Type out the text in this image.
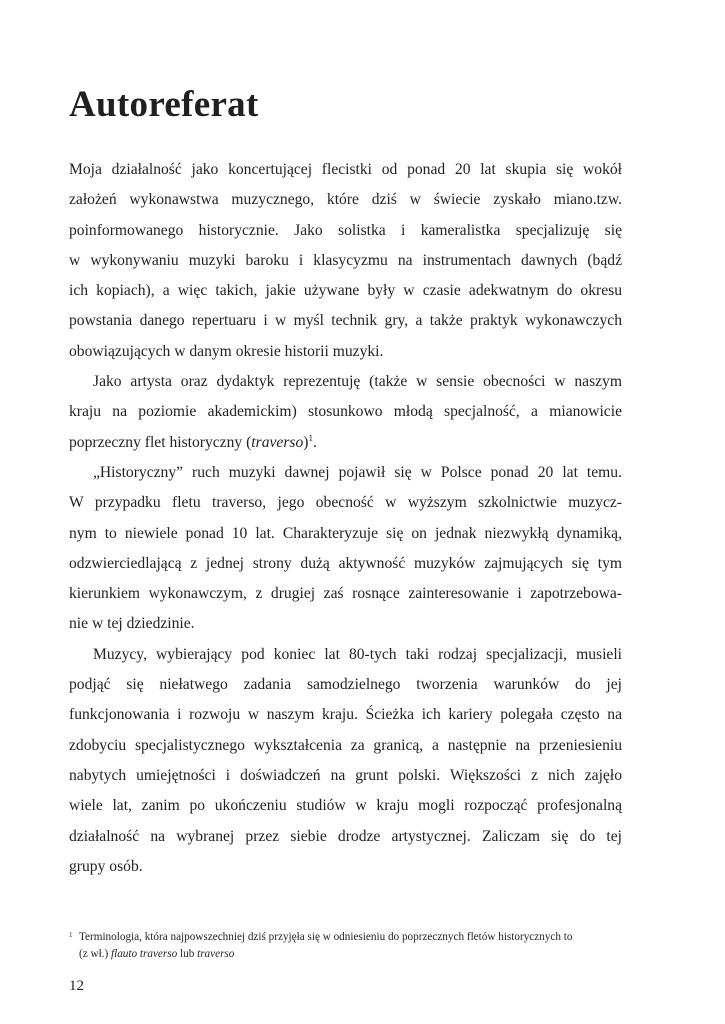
Autoreferat
Moja działalność jako koncertującej flecistki od ponad 20 lat skupia się wokół
założeń wykonawstwa muzycznego, które dziś w świecie zyskało miano.tzw.
poinformowanego historycznie. Jako solistka i kameralistka specjalizuję się
w wykonywaniu muzyki baroku i klasycyzmu na instrumentach dawnych (bądź
ich kopiach), a więc takich, jakie używane były w czasie adekwatnym do okresu
powstania danego repertuaru i w myśl technik gry, a także praktyk wykonawczych
obowiązujących w danym okresie historii muzyki.
Jako artysta oraz dydaktyk reprezentuję (także w sensie obecności w naszym
kraju na poziomie akademickim) stosunkowo młodą specjalność, a mianowicie
poprzeczny flet historyczny (traverso)$^1$.
„Historyczny” ruch muzyki dawnej pojawił się w Polsce ponad 20 lat temu.
W przypadku fletu traverso, jego obecność w wyższym szkolnictwie muzycz-
nym to niewiele ponad 10 lat. Charakteryzuje się on jednak niezwykłą dynamiką,
odzwierciedlającą z jednej strony dużą aktywność muzyków zajmujących się tym
kierunkiem wykonawczym, z drugiej zaś rosnące zainteresowanie i zapotrzebowa-
nie w tej dziedzinie.
Muzycy, wybierający pod koniec lat 80-tych taki rodzaj specjalizacji, musieli
podjąć się niełatwego zadania samodzielnego tworzenia warunków do jej
funkcjonowania i rozwoju w naszym kraju. Ścieżka ich kariery polegała często na
zdobyciu specjalistycznego wykształcenia za granicą, a następnie na przeniesieniu
nabytych umiejętności i doświadczeń na grunt polski. Większości z nich zajęło
wiele lat, zanim po ukończeniu studiów w kraju mogli rozpocząć profesjonalną
działalność na wybranej przez siebie drodze artystycznej. Zaliczam się do tej
grupy osób.
1 Terminologia, która najpowszechniej dziś przyjęła się w odniesieniu do poprzecznych fletów historycznych to
(z wł.) flauto traverso lub traverso
12
